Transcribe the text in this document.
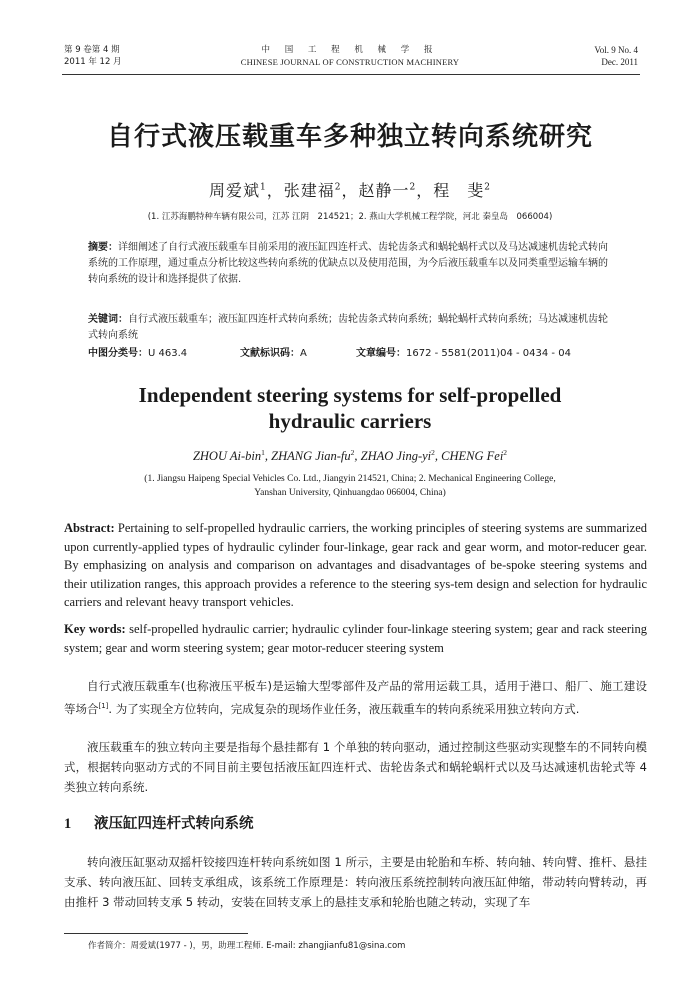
第 9 卷第 4 期
2011 年 12 月
中 国 工 程 机 械 学 报
CHINESE JOURNAL OF CONSTRUCTION MACHINERY
Vol. 9 No. 4
Dec. 2011
自行式液压载重车多种独立转向系统研究
周爱斌$^1$，张建福$^2$，赵静一$^2$，程　斐$^2$
(1. 江苏海鹏特种车辆有限公司，江苏 江阴　214521；2. 燕山大学机械工程学院，河北 秦皇岛　066004)
摘要：详细阐述了自行式液压载重车目前采用的液压缸四连杆式、齿轮齿条式和蜗轮蜗杆式以及马达减速机齿轮式转向系统的工作原理，通过重点分析比较这些转向系统的优缺点以及使用范围，为今后液压载重车以及同类重型运输车辆的转向系统的设计和选择提供了依据.
关键词：自行式液压载重车；液压缸四连杆式转向系统；齿轮齿条式转向系统；蜗轮蜗杆式转向系统；马达减速机齿轮式转向系统
中图分类号：U 463.4	文献标识码：A	文章编号：1672 - 5581(2011)04 - 0434 - 04
Independent steering systems for self-propelled
hydraulic carriers
ZHOU Ai-bin$^1$, ZHANG Jian-$fu^2$, ZHAO Jing-$yi^2$, CHENG Fei$^2$
(1. Jiangsu Haipeng Special Vehicles Co. Ltd., Jiangyin 214521, China; 2. Mechanical Engineering College,
Yanshan University, Qinhuangdao 066004, China)
Abstract: Pertaining to self-propelled hydraulic carriers, the working principles of steering systems are summarized upon currently-applied types of hydraulic cylinder four-linkage, gear rack and gear worm, and motor-reducer gear. By emphasizing on analysis and comparison on advantages and disadvantages of be-spoke steering systems and their utilization ranges, this approach provides a reference to the steering sys-tem design and selection for hydraulic carriers and relevant heavy transport vehicles.
Key words: self-propelled hydraulic carrier; hydraulic cylinder four-linkage steering system; gear and rack steering system; gear and worm steering system; gear motor-reducer steering system
自行式液压载重车(也称液压平板车)是运输大型零部件及产品的常用运载工具，适用于港口、船厂、施工建设等场合[1]. 为了实现全方位转向，完成复杂的现场作业任务，液压载重车的转向系统采用独立转向方式.
液压载重车的独立转向主要是指每个悬挂都有 1 个单独的转向驱动，通过控制这些驱动实现整车的不同转向模式，根据转向驱动方式的不同目前主要包括液压缸四连杆式、齿轮齿条式和蜗轮蜗杆式以及马达减速机齿轮式等 4 类独立转向系统.
1 液压缸四连杆式转向系统
转向液压缸驱动双摇杆铰接四连杆转向系统如图 1 所示，主要是由轮胎和车桥、转向轴、转向臂、推杆、悬挂支承、转向液压缸、回转支承组成，该系统工作原理是：转向液压系统控制转向液压缸伸缩，带动转向臂转动，再由推杆 3 带动回转支承 5 转动，安装在回转支承上的悬挂支承和轮胎也随之转动，实现了车
作者简介：周爱斌(1977 - )，男，助理工程师. E-mail: zhangjianfu81@sina.com
